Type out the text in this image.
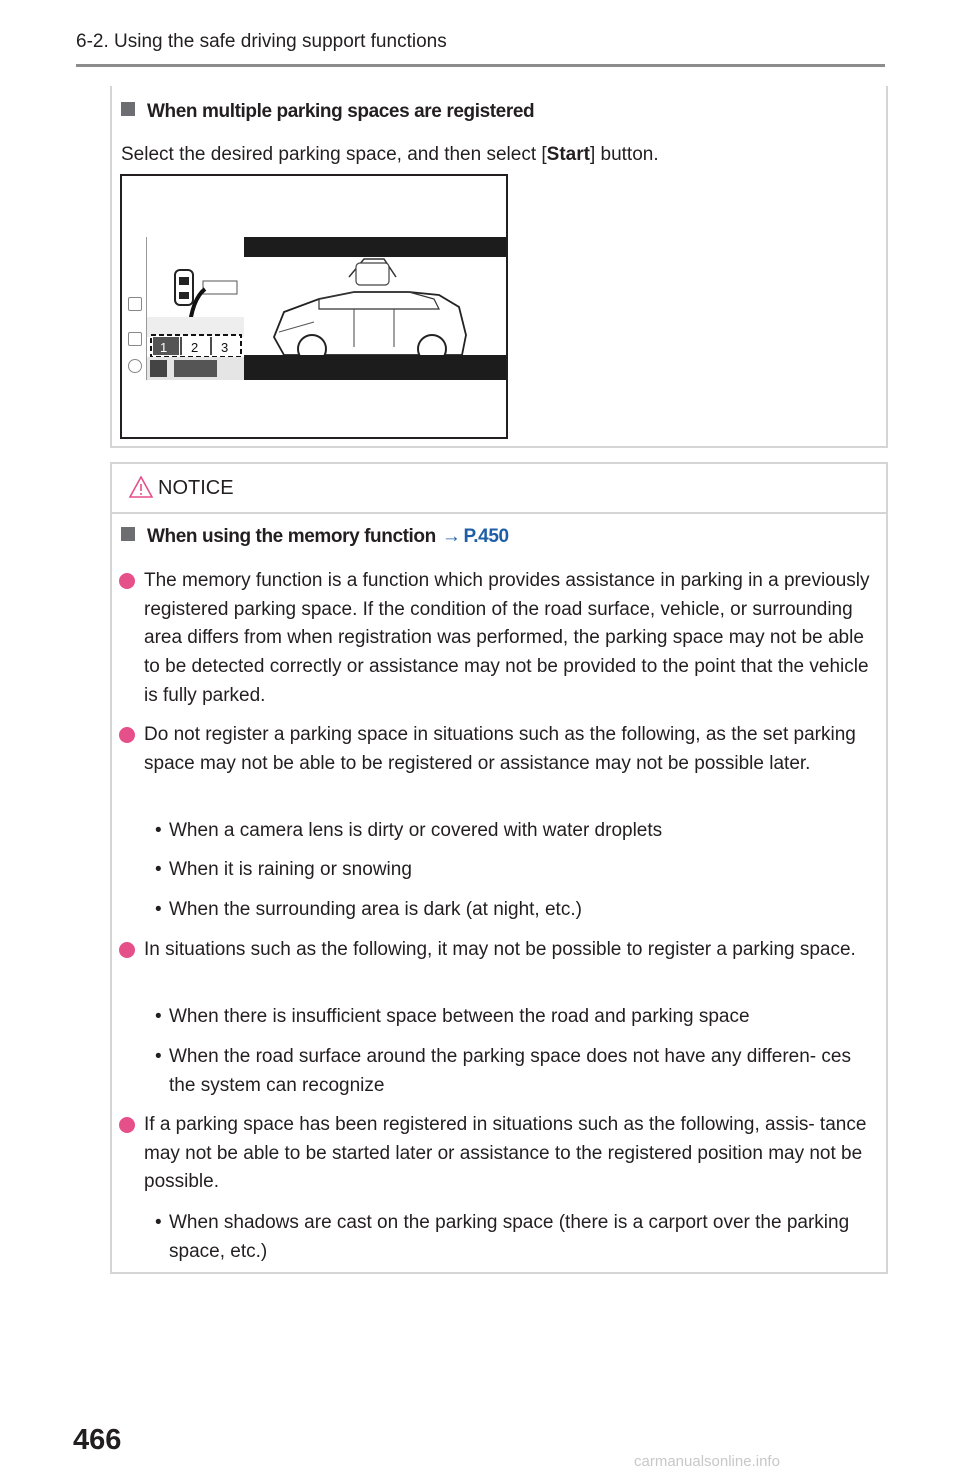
6-2. Using the safe driving support functions
When multiple parking spaces are registered
Select the desired parking space, and then select [Start] button.
1 2 3
NOTICE
When using the memory function → P.450
The memory function is a function which provides assistance in parking in a previously registered parking space. If the condition of the road surface, vehicle, or surrounding area differs from when registration was performed, the parking space may not be able to be detected correctly or assistance may not be provided to the point that the vehicle is fully parked.
Do not register a parking space in situations such as the following, as the set parking space may not be able to be registered or assistance may not be possible later.
• When a camera lens is dirty or covered with water droplets
• When it is raining or snowing
• When the surrounding area is dark (at night, etc.)
In situations such as the following, it may not be possible to register a parking space.
• When there is insufficient space between the road and parking space
• When the road surface around the parking space does not have any differen- ces the system can recognize
If a parking space has been registered in situations such as the following, assis- tance may not be able to be started later or assistance to the registered position may not be possible.
• When shadows are cast on the parking space (there is a carport over the parking space, etc.)
466
carmanualsonline.info
